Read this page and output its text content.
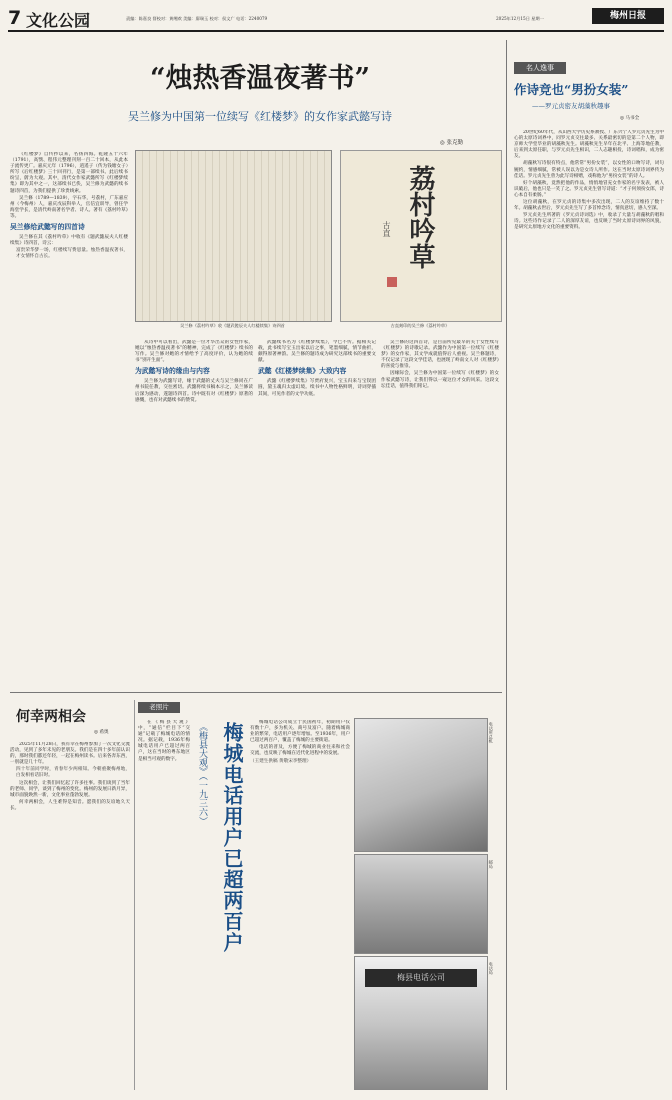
7 文化公园	责编：陈嘉良 督校对：黄缃欢 美编：廖瑞玉 校对：侯文广 电话：2240079	2025年12月15日 星期一	梅州日报
“烛热香温夜著书”
吴兰修为中国第一位续写《红楼梦》的女作家武懿写诗
◎ 张克勤

《红楼梦》自传抄以来，名扬四海。乾隆五十六年（1791），高鹗、程伟元整理刊刻一百二十回本，从此本子流传更广。嘉庆元年（1796），逍遥子（传为钱塘女子）所写《后红楼梦》三十回刊行，是第一部续书。此后续书纷呈，蔚为大观。其中，清代女作家武懿所写《红楼梦续集》即为其中之一，这部续书已佚，吴兰修为武懿的续书题诗四首，为我们提供了珍贵线索。

吴兰修（1789—1839），字石华，号荔村，广东嘉应州（今梅州）人，嘉庆戊辰科举人，官信宜训导，曾任学海堂学长，是清代岭南著名学者、诗人。著有《荔村吟草》等。

吴兰修给武懿写的四首诗

吴兰修在其《荔村吟草》中收有《题武懿辰夫人红楼续集》诗四首，诗云：

富贵荣华梦一场，红楼续写费思量。烛热香温夜著书，才女情怀自古长。	荔村吟草
古直
吴兰修《荔村吟草》收《题武懿辰夫人红楼续集》诗四首	古直刻印的吴兰修《荔村吟草》

从诗中可以看出，武懿是一位才华出众的女性作家，她以“烛热香温夜著书”的精神，完成了《红楼梦》续书的写作。吴兰修对她的才情给予了高度评价，认为她的续书“别开生面”。

为武懿写诗的缘由与内容

吴兰修为武懿写诗，缘于武懿的丈夫与吴兰修同在广州书院任教，交往密切。武懿将续书稿本示之，吴兰修读后深为感动，遂题诗四首。诗中既有对《红楼梦》原著的感慨，也有对武懿续书的赞赏。

武懿续书名为《红楼梦续集》，今已不传。据相关记载，此书续写宝玉出家以后之事，笔墨细腻，情节曲折，颇得原著神韵。吴兰修的题诗成为研究这部续书的重要文献。

武懿《红楼梦续集》大致内容

武懿《红楼梦续集》写贾府复兴，宝玉归来与宝钗团圆，黛玉魂归太虚幻境。续书中人物性格鲜明，诗词穿插其间，可见作者的文学功底。

吴兰修的这四首诗，是目前所见最早的关于女性续写《红楼梦》的诗歌记录。武懿作为中国第一位续写《红楼梦》的女作家，其文学成就值得后人重视。吴兰修题诗，不仅记录了这段文学佳话，也展现了岭南文人对《红楼梦》的喜爱与推崇。

因缘际会，吴兰修为中国第一位续写《红楼梦》的女作家武懿写诗，让我们得以一窥这位才女的风采。这段文坛佳话，值得我们铭记。

名人逸事
作诗竞也“男扮女装”
——罗元贞密友胡藻秋趣事
◎ 马书全

20世纪60年代，从山西大学历史系教授、广东兴宁人罗元贞先生为中心的太原诗词界中，同罗元贞交往最多、关系最密切的是第二个人物，即京师大学堂毕业的胡藻秋先生。胡藻秋先生早年在北平、上海等地任教，后来到太原任职，与罗元贞先生相识，二人志趣相投，诗词唱和，成为密友。

胡藻秋写诗很有特点，他常常“男扮女装”，以女性的口吻写诗，词句婉约，情感细腻，常被人误以为是女诗人所作。这在当时太原诗词界传为佳话。罗元贞先生曾为此写诗相赠，戏称他为“男扮女装”的诗人。

好个胡藻秋，竟然把他的作品，悄悄地冒充女作家的名字发表，被人识破后，他也只是一笑了之。罗元贞先生曾写诗道：“才子何须扮女郎，诗心本自有柔肠。”

这位胡藻秋，在罗元贞的诗集中多次出现，二人的友谊维持了数十年。胡藻秋去世后，罗元贞先生写了多首悼念诗，情真意切，感人至深。

罗元贞先生所著的《罗元贞诗词选》中，收录了大量与胡藻秋的唱和诗。这些诗作记录了二人的深厚友谊，也反映了当时太原诗词界的风貌，是研究太原地方文化的重要资料。

何幸两相会
◎ 希奥

2025年11月28日，我有幸在梅州参加了一次文化交流活动，见到了多年未见的老朋友。我们是在四十多年前认识的，那时我们都还年轻，一起在梅州读书。后来各奔东西，一别就是几十年。

四十年前同学时，青春年少两相知。今朝重聚梅州地，白发相看话旧时。

这次相会，让我们回忆起了许多往事。我们谈到了当年的老师、同学，谈到了梅州的变化。梅州的发展日新月异，城市面貌焕然一新，文化事业蓬勃发展。

何幸两相会，人生难得是知音。愿我们的友谊地久天长。

老照片
梅城电话用户已超两百户
《梅县大观》（一九三六）

在《梅县大观》中，“通信”栏目下“交通”记载了梅城电话的情况。据记载，1936年梅城电话用户已超过两百户，这在当时的粤东地区是相当可观的数字。

梅城电话公司成立于民国初年，初期用户仅有数十户，多为机关、商号及富户。随着梅城商业的繁荣，电话用户逐年增加。至1936年，用户已超过两百户，覆盖了梅城的主要街道。

电话的普及，方便了梅城的商业往来和社会交流，也反映了梅城在近代化进程中的发展。

（王建生供稿 黄敬宋李整理）

电话所总机
邮局
梅县电话公司
电话局
